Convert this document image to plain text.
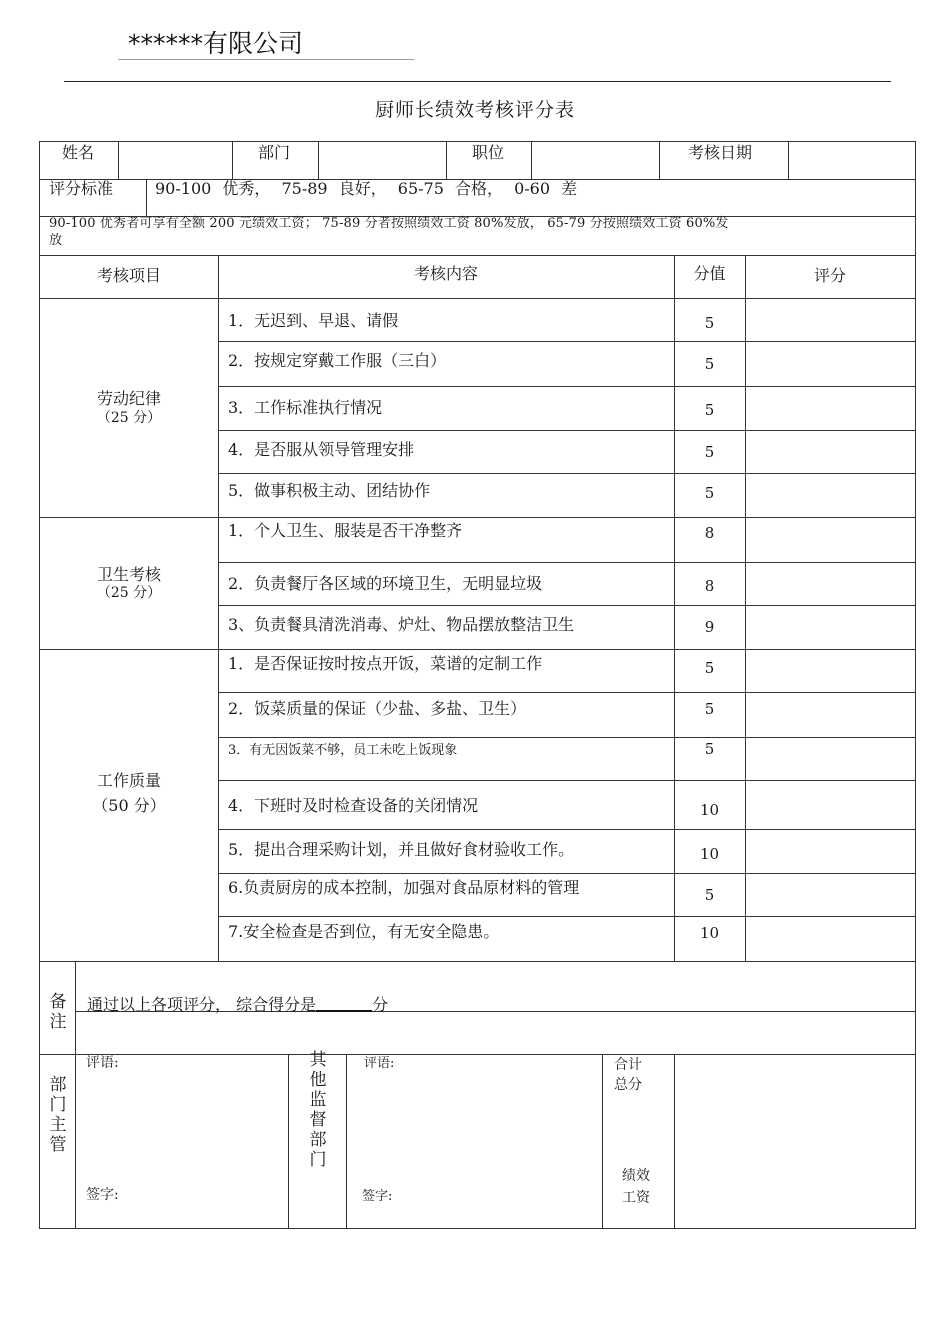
******有限公司
厨师长绩效考核评分表
姓名	部门	职位	考核日期
评分标准	90-100 优秀， 75-89 良好， 65-75 合格， 0-60 差
90-100 优秀者可享有全额 200 元绩效工资； 75-89 分者按照绩效工资 80%发放， 65-79 分按照绩效工资 60%发
放
考核项目	考核内容	分值	评分
劳动纪律
（25 分）
1．无迟到、早退、请假	5
2．按规定穿戴工作服（三白）	5
3．工作标准执行情况	5
4．是否服从领导管理安排	5
5．做事积极主动、团结协作	5
卫生考核
（25 分）
1．个人卫生、服装是否干净整齐	8
2．负责餐厅各区域的环境卫生，无明显垃圾	8
3、负责餐具清洗消毒、炉灶、物品摆放整洁卫生	9
工作质量
（50 分）
1．是否保证按时按点开饭，菜谱的定制工作	5
2．饭菜质量的保证（少盐、多盐、卫生）	5
3．有无因饭菜不够，员工未吃上饭现象	5
4．下班时及时检查设备的关闭情况	10
5．提出合理采购计划，并且做好食材验收工作。	10
6.负责厨房的成本控制，加强对食品原材料的管理	5
7.安全检查是否到位，有无安全隐患。	10
备注
通过以上各项评分， 综合得分是	分
部门主管
评语:
签字:
其他监督部门
评语:
签字:
合计总分
绩效工资
